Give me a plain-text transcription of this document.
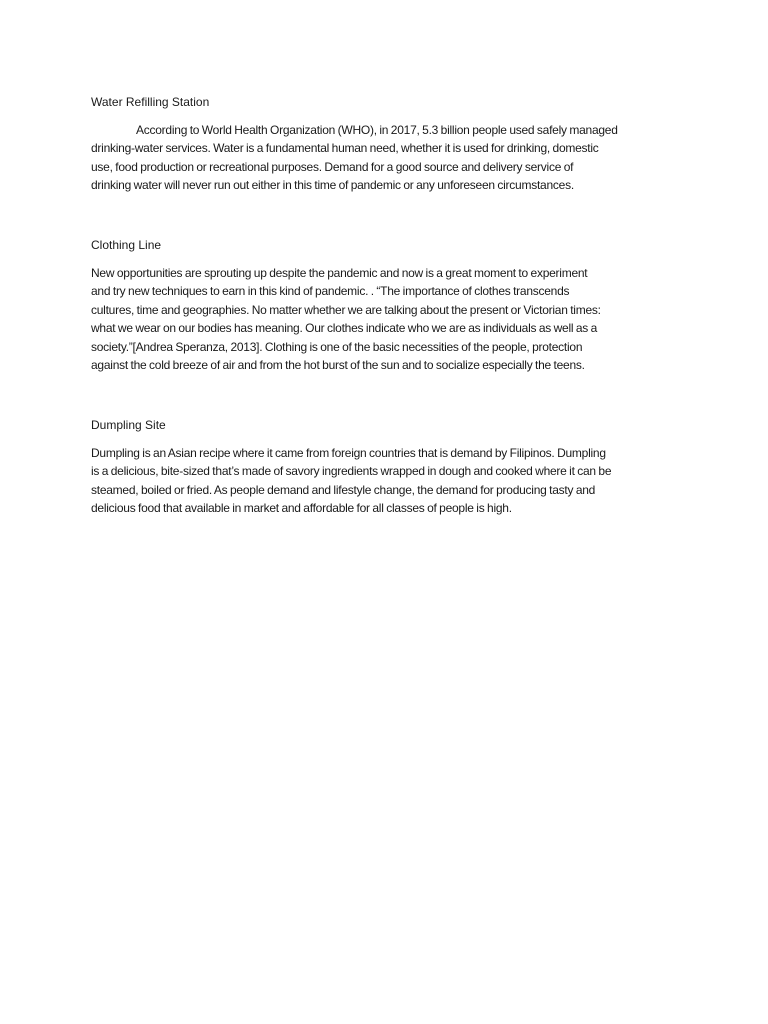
Water Refilling Station

According to World Health Organization (WHO), in 2017, 5.3 billion people used safely managed
drinking-water services. Water is a fundamental human need, whether it is used for drinking, domestic
use, food production or recreational purposes. Demand for a good source and delivery service of
drinking water will never run out either in this time of pandemic or any unforeseen circumstances.

Clothing Line

New opportunities are sprouting up despite the pandemic and now is a great moment to experiment
and try new techniques to earn in this kind of pandemic. . “The importance of clothes transcends
cultures, time and geographies. No matter whether we are talking about the present or Victorian times:
what we wear on our bodies has meaning. Our clothes indicate who we are as individuals as well as a
society.”[Andrea Speranza, 2013]. Clothing is one of the basic necessities of the people, protection
against the cold breeze of air and from the hot burst of the sun and to socialize especially the teens.

Dumpling Site

Dumpling is an Asian recipe where it came from foreign countries that is demand by Filipinos. Dumpling
is a delicious, bite-sized that’s made of savory ingredients wrapped in dough and cooked where it can be
steamed, boiled or fried. As people demand and lifestyle change, the demand for producing tasty and
delicious food that available in market and affordable for all classes of people is high.
